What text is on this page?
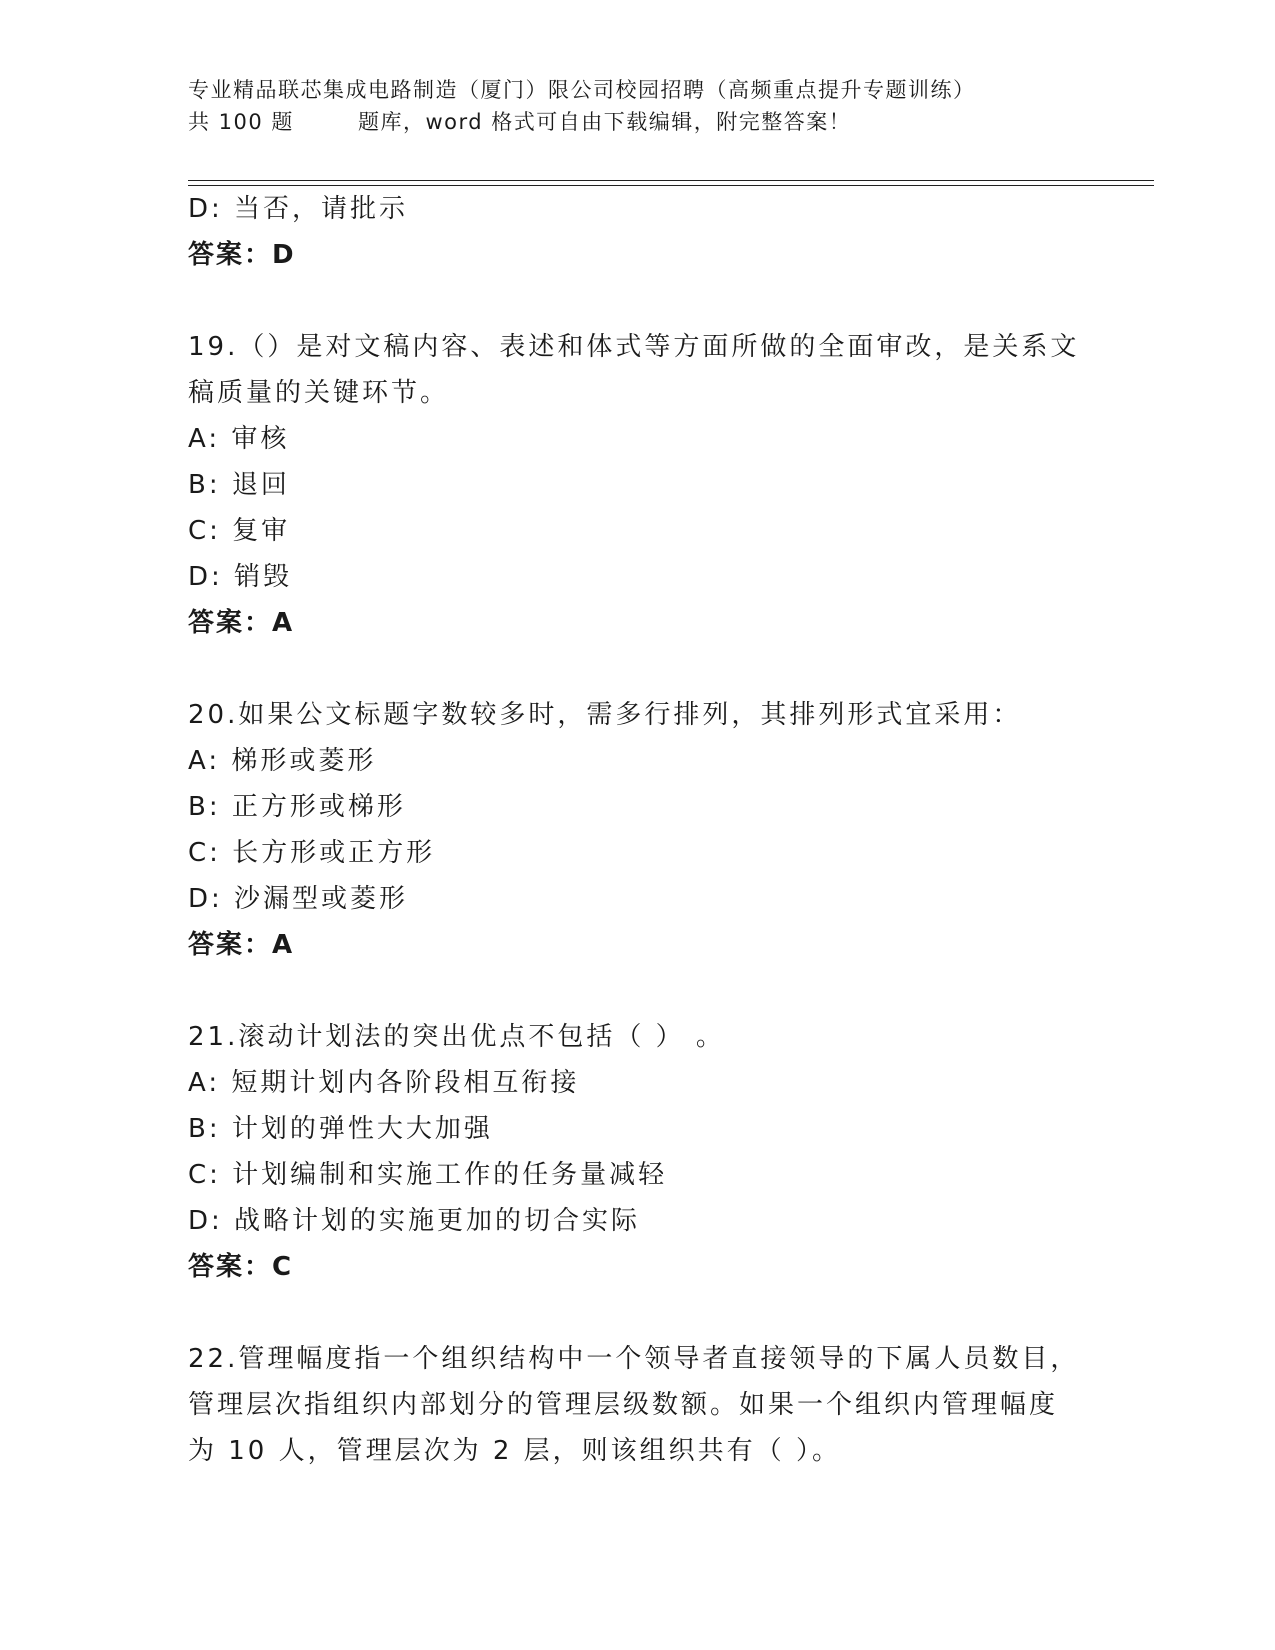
专业精品联芯集成电路制造（厦门）限公司校园招聘（高频重点提升专题训练）
共 100 题	题库，word 格式可自由下载编辑，附完整答案！
D: 当否，请批示
答案：D
19.（）是对文稿内容、表述和体式等方面所做的全面审改，是关系文
稿质量的关键环节。
A: 审核
B: 退回
C: 复审
D: 销毁
答案：A
20.如果公文标题字数较多时，需多行排列，其排列形式宜采用：
A: 梯形或菱形
B: 正方形或梯形
C: 长方形或正方形
D: 沙漏型或菱形
答案：A
21.滚动计划法的突出优点不包括（ ） 。
A: 短期计划内各阶段相互衔接
B: 计划的弹性大大加强
C: 计划编制和实施工作的任务量减轻
D: 战略计划的实施更加的切合实际
答案：C
22.管理幅度指一个组织结构中一个领导者直接领导的下属人员数目，
管理层次指组织内部划分的管理层级数额。如果一个组织内管理幅度
为 10 人，管理层次为 2 层，则该组织共有（ ）。
